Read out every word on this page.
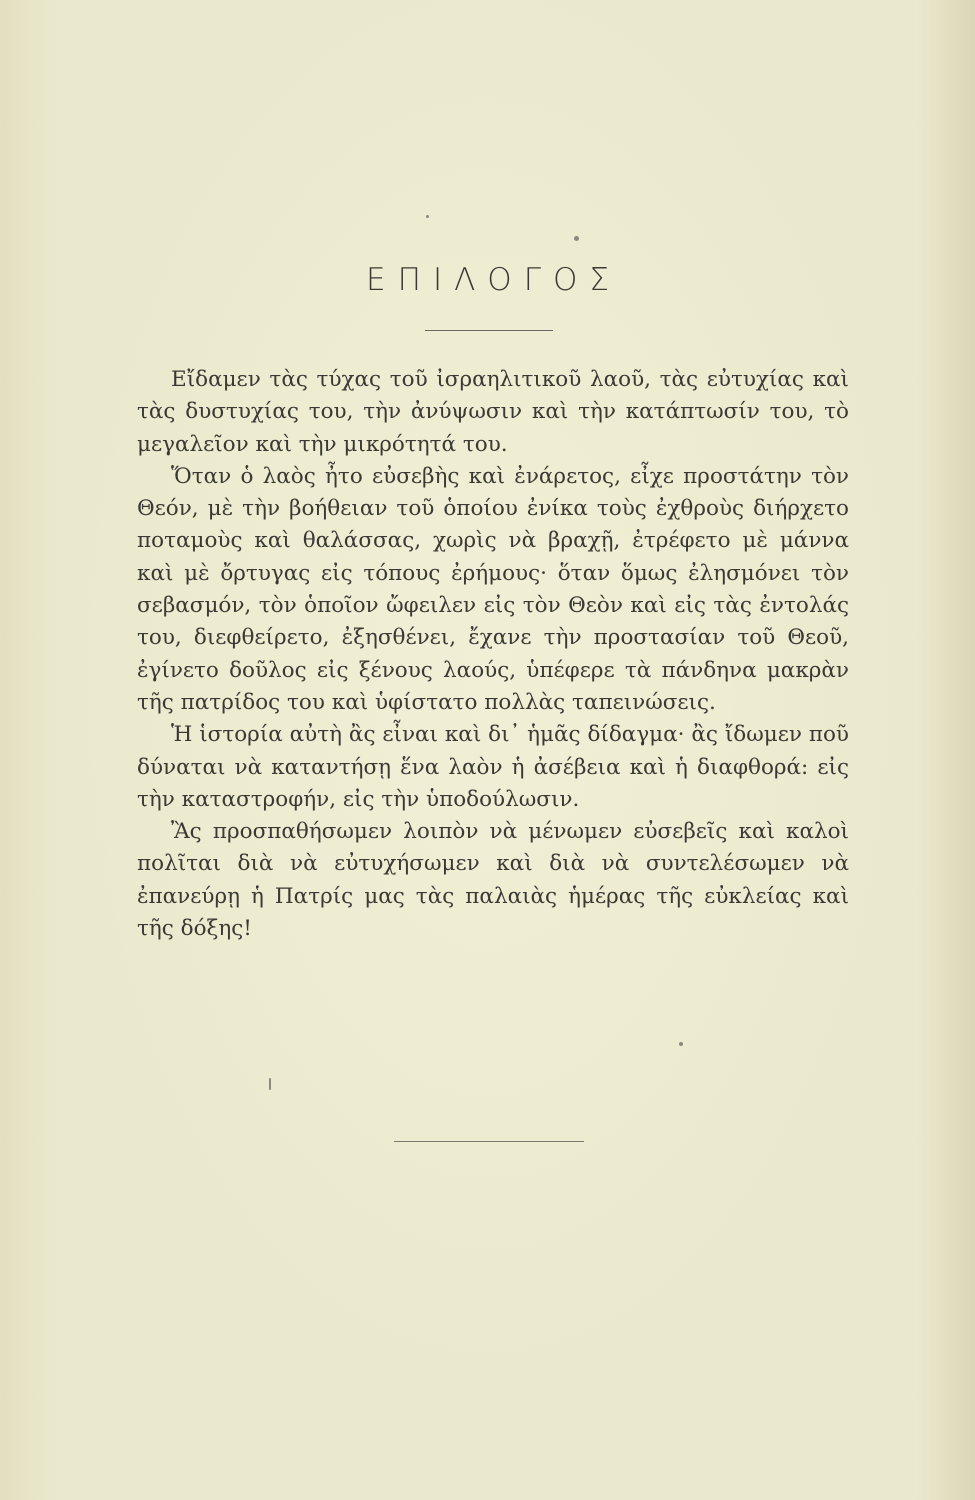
ΕΠΙΛΟΓΟΣ

Εἴδαμεν τὰς τύχας τοῦ ἰσραηλιτικοῦ λαοῦ, τὰς εὐτυχίας καὶ τὰς δυστυχίας του, τὴν ἀνύψωσιν καὶ τὴν κατάπτωσίν του, τὸ μεγαλεῖον καὶ τὴν μικρότητά του.

Ὅταν ὁ λαὸς ἦτο εὐσεβὴς καὶ ἐνάρετος, εἶχε προστάτην τὸν Θεόν, μὲ τὴν βοήθειαν τοῦ ὁποίου ἐνίκα τοὺς ἐχθροὺς διήρχετο ποταμοὺς καὶ θαλάσσας, χωρὶς νὰ βραχῇ, ἐτρέφετο μὲ μάννα καὶ μὲ ὄρτυγας εἰς τόπους ἐρήμους· ὅταν ὅμως ἐλησμόνει τὸν σεβασμόν, τὸν ὁποῖον ὤφειλεν εἰς τὸν Θεὸν καὶ εἰς τὰς ἐντολάς του, διεφθείρετο, ἐξησθένει, ἔχανε τὴν προστασίαν τοῦ Θεοῦ, ἐγίνετο δοῦλος εἰς ξένους λαούς, ὑπέφερε τὰ πάνδηνα μακρὰν τῆς πατρίδος του καὶ ὑφίστατο πολλὰς ταπεινώσεις.

Ἡ ἱστορία αὐτὴ ἂς εἶναι καὶ δι᾽ ἡμᾶς δίδαγμα· ἂς ἴδωμεν ποῦ δύναται νὰ καταντήσῃ ἕνα λαὸν ἡ ἀσέβεια καὶ ἡ διαφθορά: εἰς τὴν καταστροφήν, εἰς τὴν ὑποδούλωσιν.

Ἂς προσπαθήσωμεν λοιπὸν νὰ μένωμεν εὐσεβεῖς καὶ καλοὶ πολῖται διὰ νὰ εὐτυχήσωμεν καὶ διὰ νὰ συντελέσωμεν νὰ ἐπανεύρῃ ἡ Πατρίς μας τὰς παλαιὰς ἡμέρας τῆς εὐκλείας καὶ τῆς δόξης!
